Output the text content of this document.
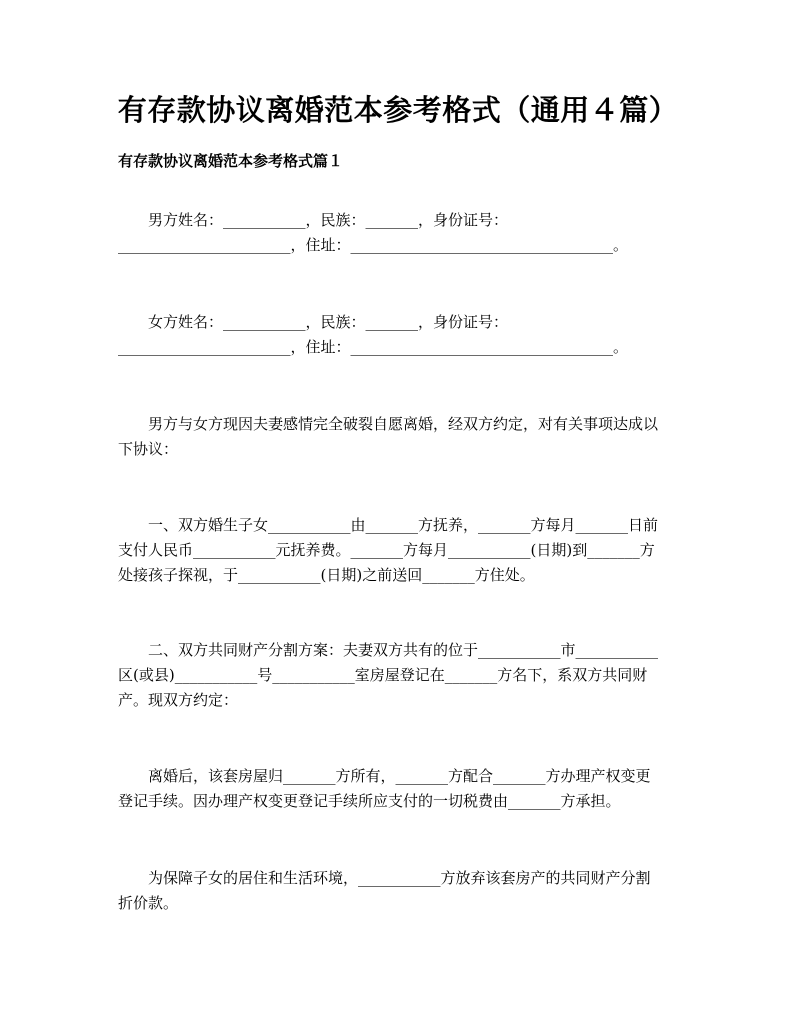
有存款协议离婚范本参考格式（通用４篇）
有存款协议离婚范本参考格式篇１
男方姓名：___________，民族：_______，身份证号：
_______________________，住址：___________________________________。
女方姓名：___________，民族：_______，身份证号：
_______________________，住址：___________________________________。
男方与女方现因夫妻感情完全破裂自愿离婚，经双方约定，对有关事项达成以
下协议：
一、双方婚生子女___________由_______方抚养，_______方每月_______日前
支付人民币___________元抚养费。_______方每月___________(日期)到_______方
处接孩子探视，于___________(日期)之前送回_______方住处。
二、双方共同财产分割方案：夫妻双方共有的位于___________市___________
区(或县)___________号___________室房屋登记在_______方名下，系双方共同财
产。现双方约定：
离婚后，该套房屋归_______方所有，_______方配合_______方办理产权变更
登记手续。因办理产权变更登记手续所应支付的一切税费由_______方承担。
为保障子女的居住和生活环境，___________方放弃该套房产的共同财产分割
折价款。
